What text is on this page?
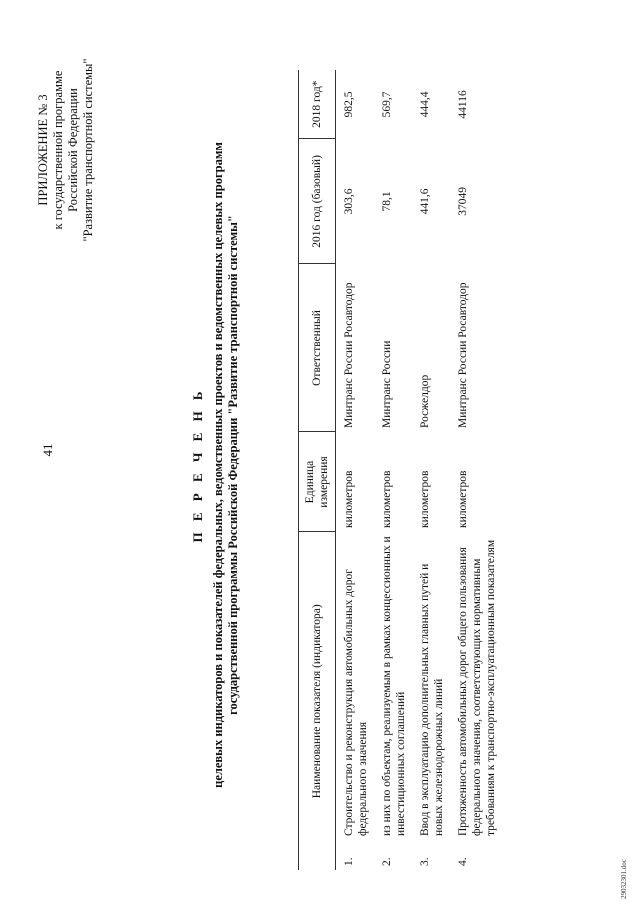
41
ПРИЛОЖЕНИЕ № 3 к государственной программе Российской Федерации "Развитие транспортной системы"
П Е Р Е Ч Е Н Ь целевых индикаторов и показателей федеральных, ведомственных проектов и ведомственных целевых программ государственной программы Российской Федерации "Развитие транспортной системы"	Наименование показателя (индикатора)		Единица измерения	Ответственный	2016 год (базовый)	2018 год*
1.	Строительство и реконструкция автомобильных дорог федерального значения	километров	Минтранс России Росавтодор	303,6	982,5
2.	из них по объектам, реализуемым в рамках концессионных и инвестиционных соглашений	километров	Минтранс России	78,1	569,7
3.	Ввод в эксплуатацию дополнительных главных путей и новых железнодорожных линий	километров	Росжелдор	441,6	444,4
4.	Протяженность автомобильных дорог общего пользования федерального значения, соответствующих нормативным требованиям к транспортно-эксплуатационным показателям	километров	Минтранс России Росавтодор	37049	44116
29032301.doc
